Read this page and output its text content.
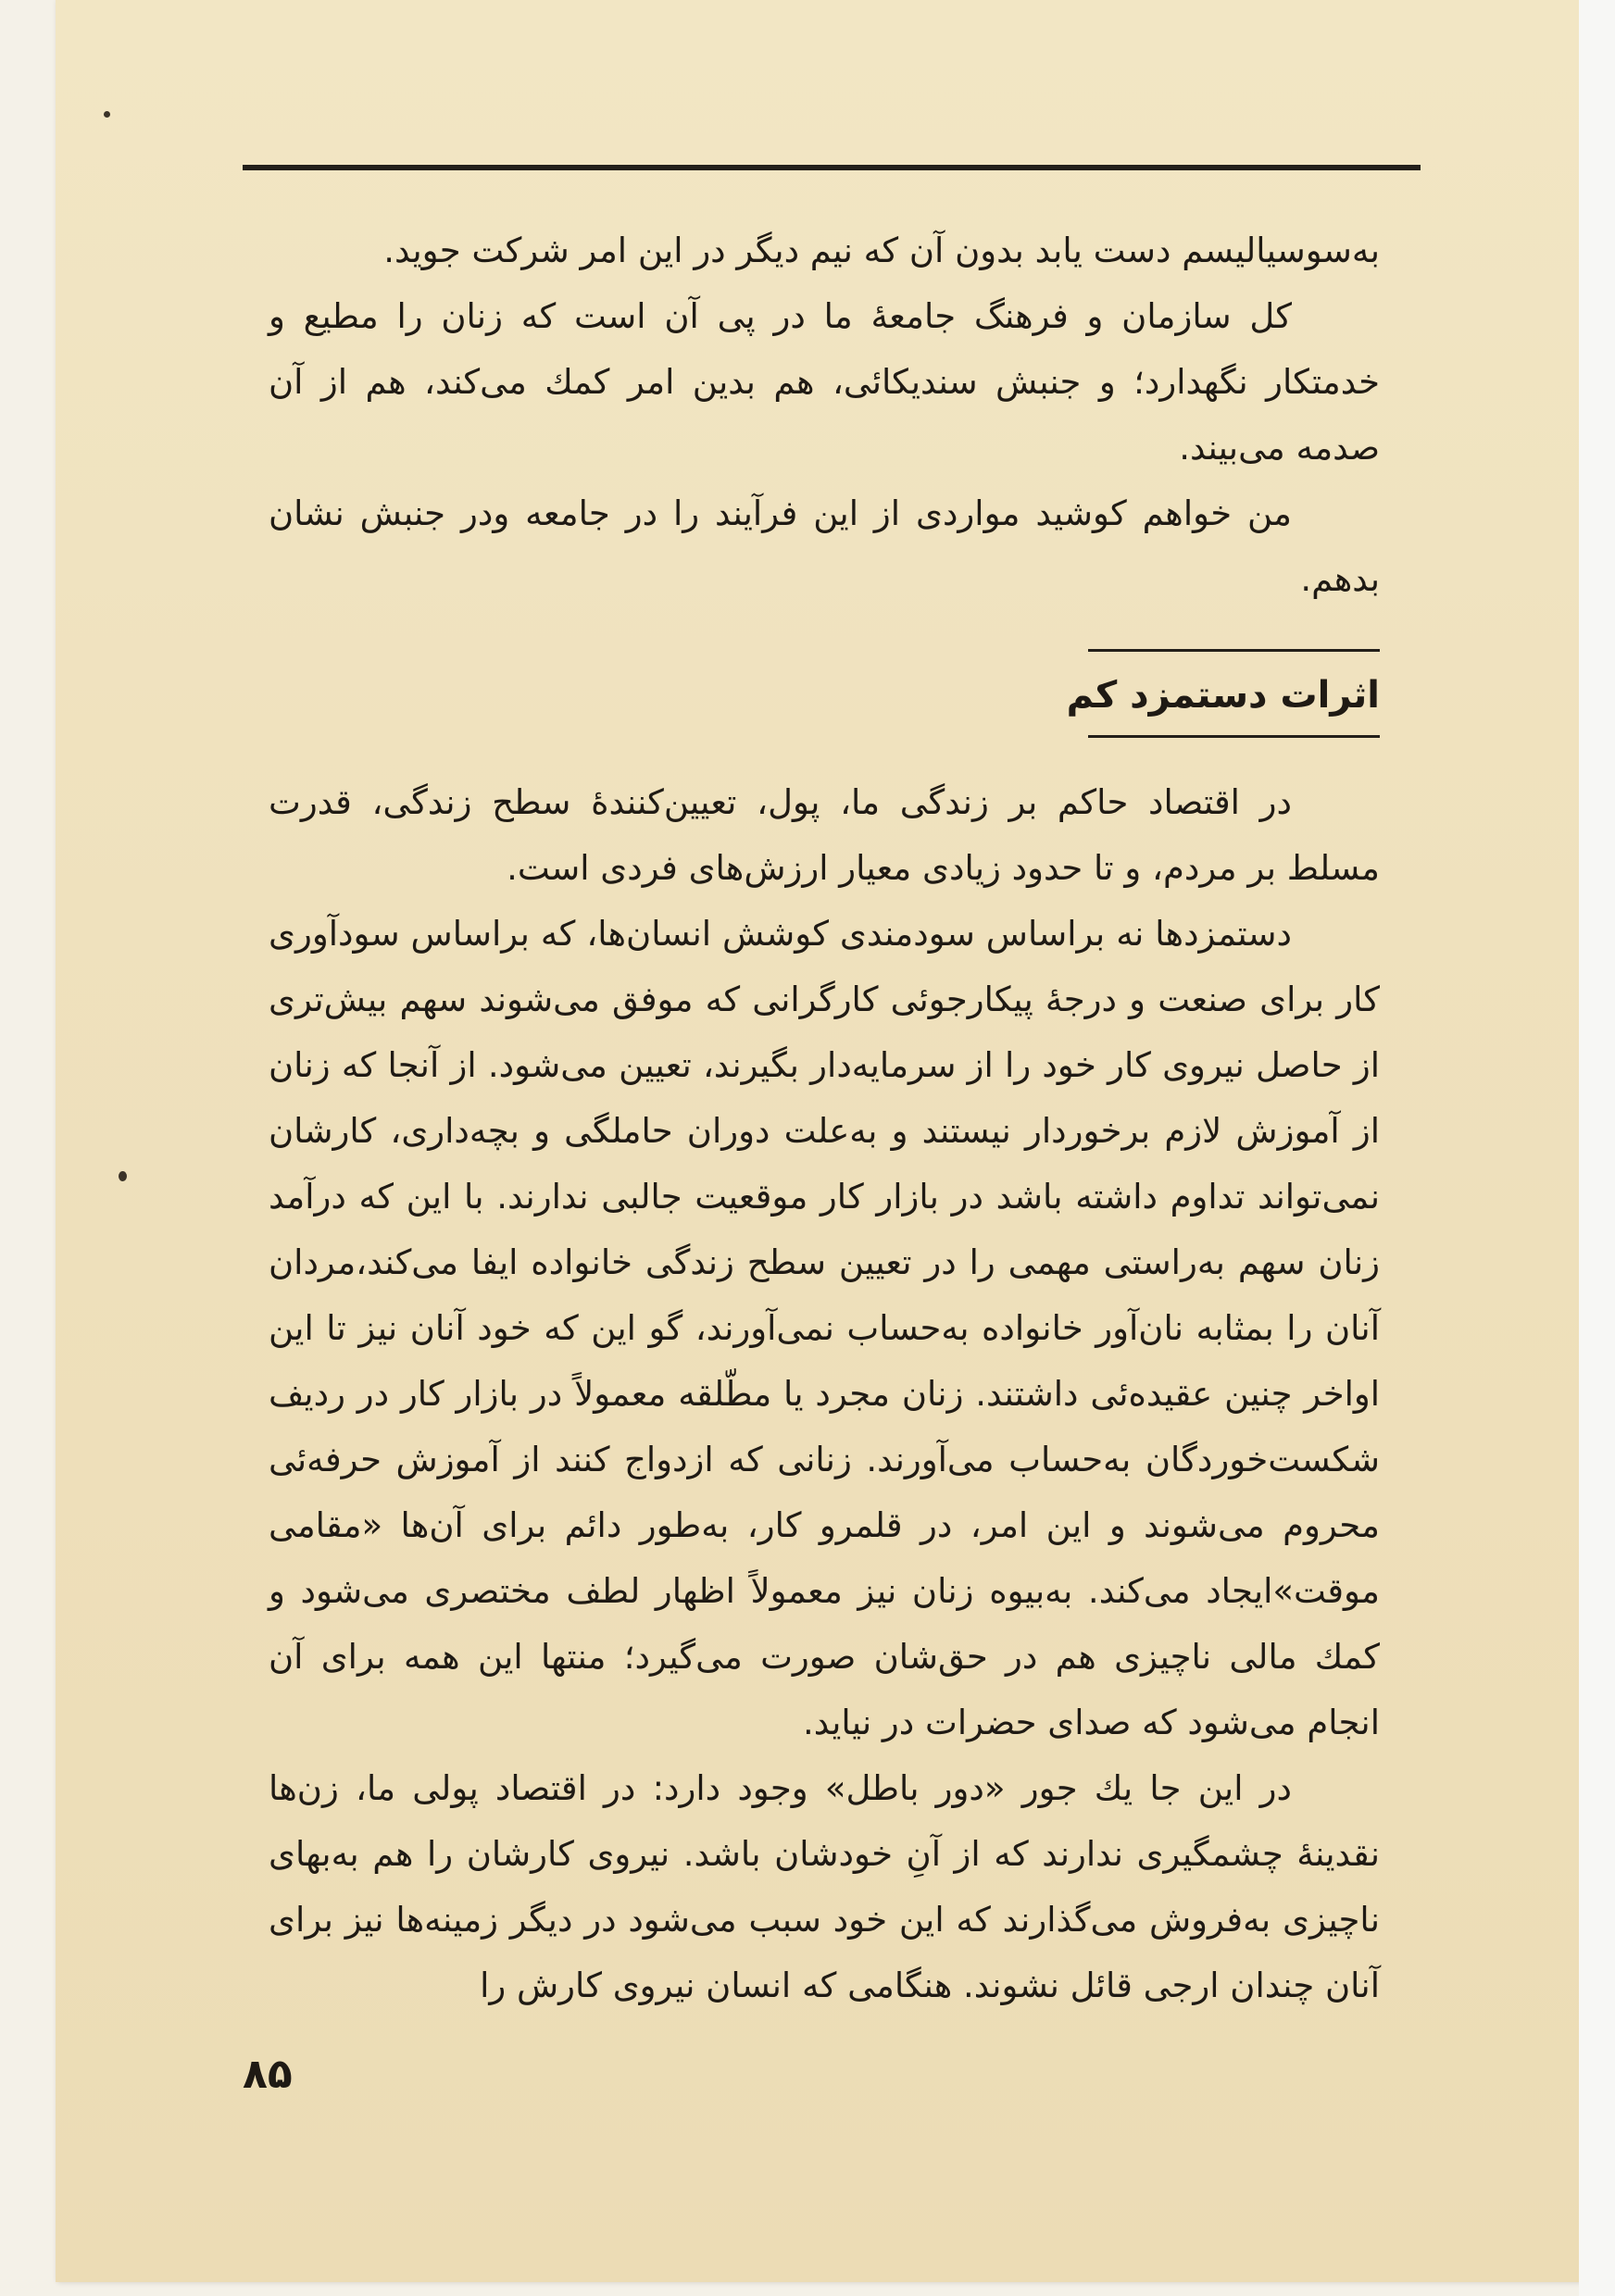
به‌سوسیالیسم دست یابد بدون آن که نیم دیگر در این امر شرکت جوید.

کل سازمان و فرهنگ جامعهٔ ما در پی آن است که زنان را مطیع و خدمتکار نگهدارد؛ و جنبش سندیکائی، هم بدین امر کمك می‌کند، هم از آن صدمه می‌بیند.

من خواهم کوشید مواردی از این فرآیند را در جامعه ودر جنبش نشان بدهم.

اثرات دستمزد کم

در اقتصاد حاکم بر زندگی ما، پول، تعیین‌کنندهٔ سطح زندگی، قدرت مسلط بر مردم، و تا حدود زیادی معیار ارزش‌های فردی است.

دستمزدها نه براساس سودمندی کوشش انسان‌ها، که براساس سودآوری کار برای صنعت و درجهٔ پیکارجوئی کارگرانی که موفق می‌شوند سهم بیش‌تری از حاصل نیروی کار خود را از سرمایه‌دار بگیرند، تعیین می‌شود. از آنجا که زنان از آموزش لازم برخوردار نیستند و به‌علت دوران حاملگی و بچه‌داری، کارشان نمی‌تواند تداوم داشته باشد در بازار کار موقعیت جالبی ندارند. با این که درآمد زنان سهم به‌راستی مهمی را در تعیین سطح زندگی خانواده ایفا می‌کند،مردان آنان را بمثابه نان‌آور خانواده به‌حساب نمی‌آورند، گو این که خود آنان نیز تا این اواخر چنین عقیده‌ئی داشتند. زنان مجرد یا مطّلقه معمولاً در بازار کار در ردیف شکست‌خوردگان به‌حساب می‌آورند. زنانی که ازدواج کنند از آموزش حرفه‌ئی محروم می‌شوند و این امر، در قلمرو کار، به‌طور دائم برای آن‌ها «مقامی موقت»ایجاد می‌کند. به‌بیوه زنان نیز معمولاً اظهار لطف مختصری می‌شود و کمك مالی ناچیزی هم در حق‌شان صورت می‌گیرد؛ منتها این همه برای آن انجام می‌شود که صدای حضرات در نیاید.

در این جا یك جور «دور باطل» وجود دارد: در اقتصاد پولی ما، زن‌ها نقدینهٔ چشمگیری ندارند که از آنِ خودشان باشد. نیروی کارشان را هم به‌بهای ناچیزی به‌فروش می‌گذارند که این خود سبب می‌شود در دیگر زمینه‌ها نیز برای آنان چندان ارجی قائل نشوند. هنگامی که انسان نیروی کارش را

۸۵
